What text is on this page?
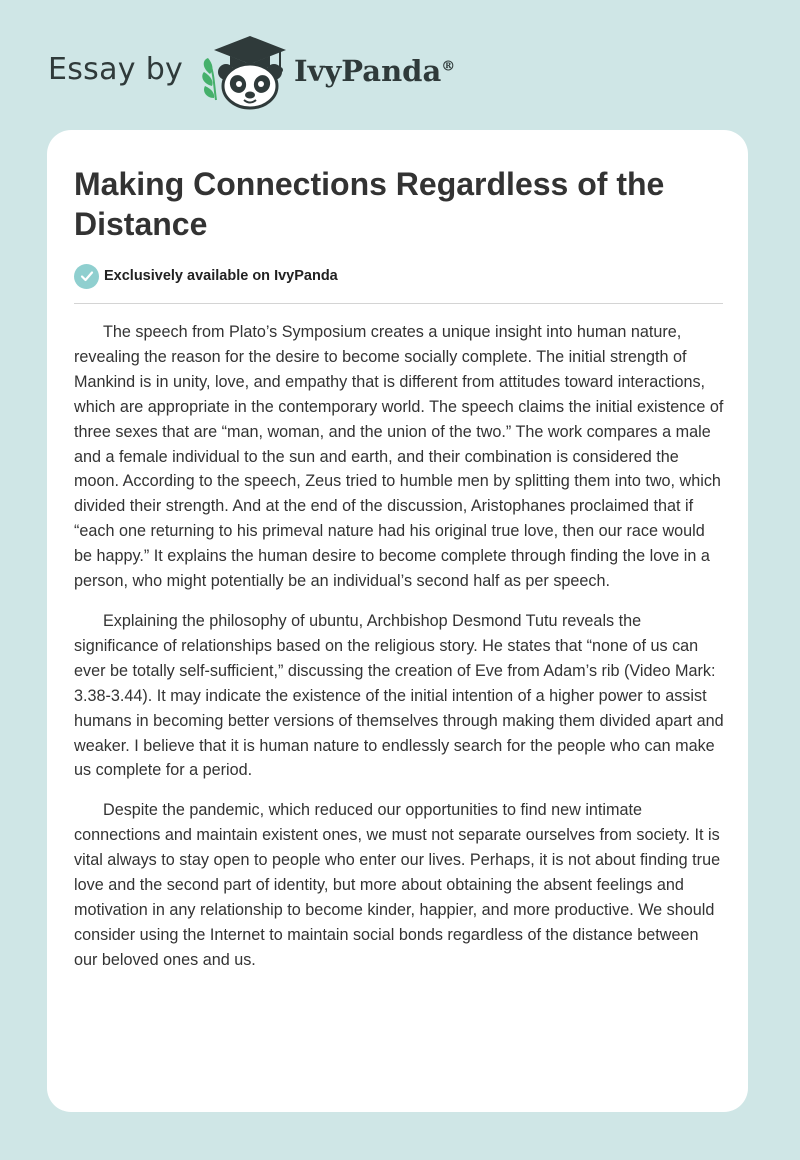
Essay by	IvyPanda®
Making Connections Regardless of the Distance
Exclusively available on IvyPanda

The speech from Plato’s Symposium creates a unique insight into human nature, revealing the reason for the desire to become socially complete. The initial strength of Mankind is in unity, love, and empathy that is different from attitudes toward interactions, which are appropriate in the contemporary world. The speech claims the initial existence of three sexes that are “man, woman, and the union of the two.” The work compares a male and a female individual to the sun and earth, and their combination is considered the moon. According to the speech, Zeus tried to humble men by splitting them into two, which divided their strength. And at the end of the discussion, Aristophanes proclaimed that if “each one returning to his primeval nature had his original true love, then our race would be happy.” It explains the human desire to become complete through finding the love in a person, who might potentially be an individual’s second half as per speech.

Explaining the philosophy of ubuntu, Archbishop Desmond Tutu reveals the significance of relationships based on the religious story. He states that “none of us can ever be totally self-sufficient,” discussing the creation of Eve from Adam’s rib (Video Mark: 3.38-3.44). It may indicate the existence of the initial intention of a higher power to assist humans in becoming better versions of themselves through making them divided apart and weaker. I believe that it is human nature to endlessly search for the people who can make us complete for a period.

Despite the pandemic, which reduced our opportunities to find new intimate connections and maintain existent ones, we must not separate ourselves from society. It is vital always to stay open to people who enter our lives. Perhaps, it is not about finding true love and the second part of identity, but more about obtaining the absent feelings and motivation in any relationship to become kinder, happier, and more productive. We should consider using the Internet to maintain social bonds regardless of the distance between our beloved ones and us.
